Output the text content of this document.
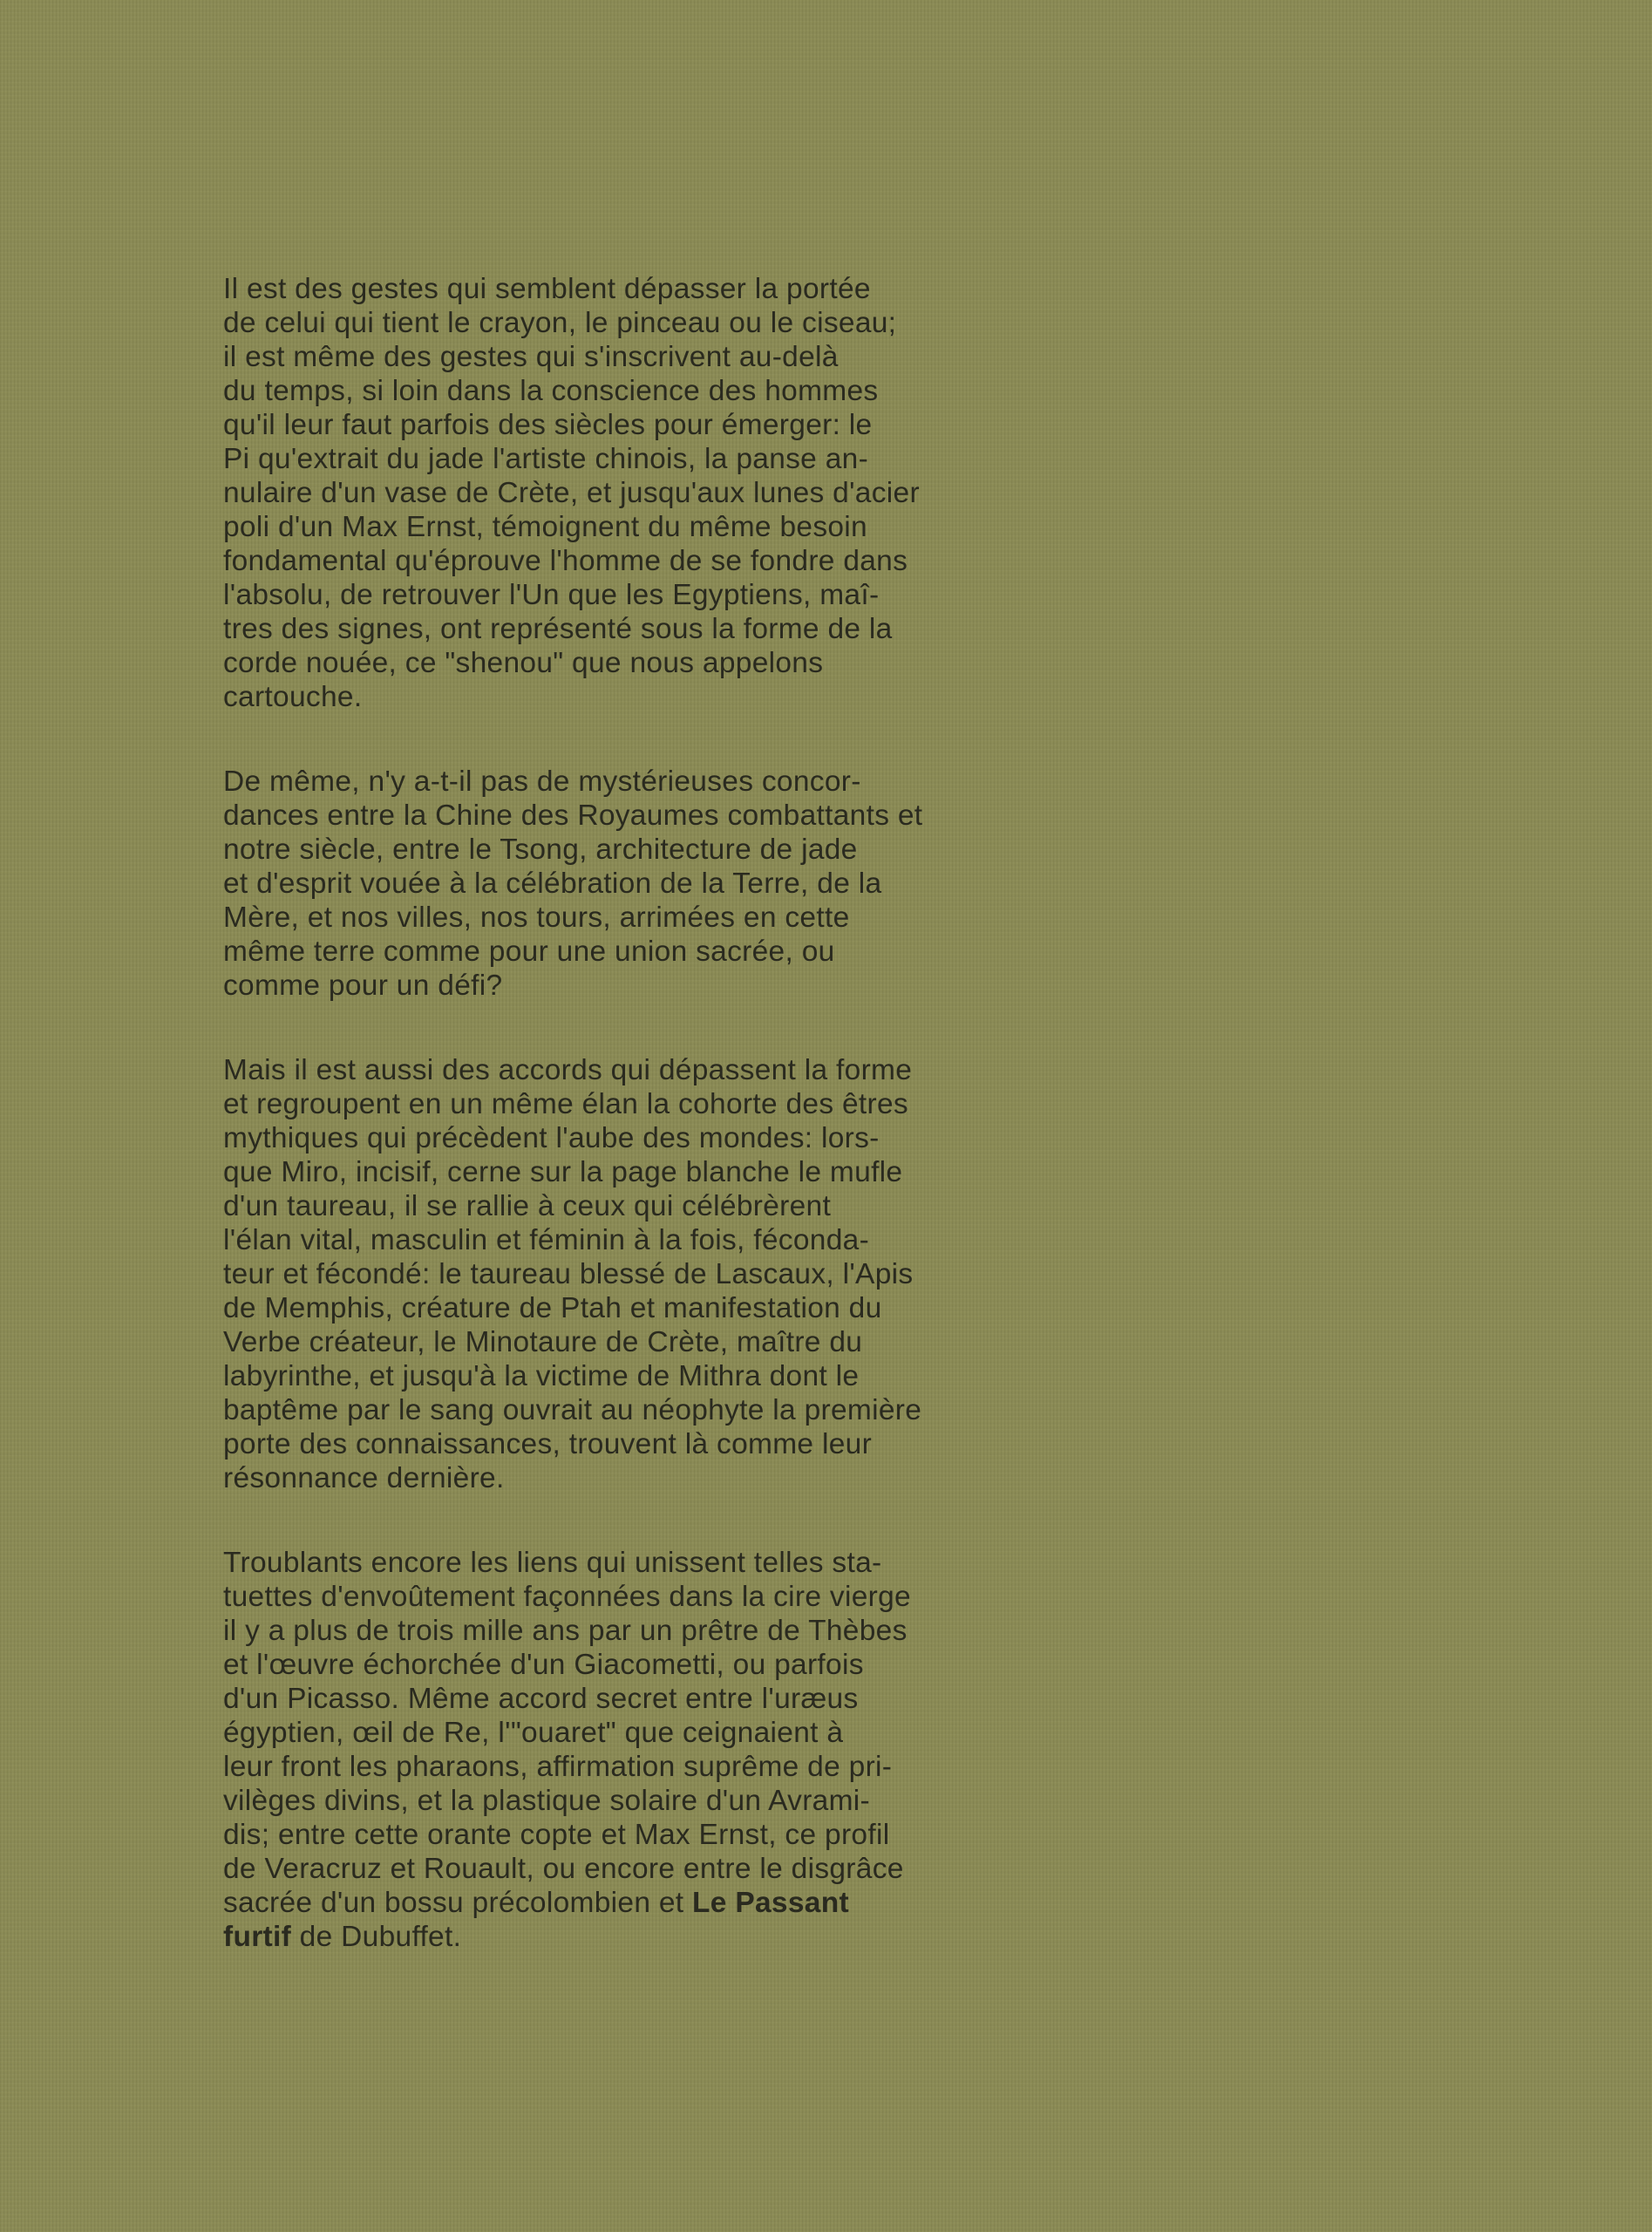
Il est des gestes qui semblent dépasser la portée
de celui qui tient le crayon, le pinceau ou le ciseau;
il est même des gestes qui s'inscrivent au-delà
du temps, si loin dans la conscience des hommes
qu'il leur faut parfois des siècles pour émerger: le
Pi qu'extrait du jade l'artiste chinois, la panse an-
nulaire d'un vase de Crète, et jusqu'aux lunes d'acier
poli d'un Max Ernst, témoignent du même besoin
fondamental qu'éprouve l'homme de se fondre dans
l'absolu, de retrouver l'Un que les Egyptiens, maî-
tres des signes, ont représenté sous la forme de la
corde nouée, ce "shenou" que nous appelons
cartouche.
De même, n'y a-t-il pas de mystérieuses concor-
dances entre la Chine des Royaumes combattants et
notre siècle, entre le Tsong, architecture de jade
et d'esprit vouée à la célébration de la Terre, de la
Mère, et nos villes, nos tours, arrimées en cette
même terre comme pour une union sacrée, ou
comme pour un défi?
Mais il est aussi des accords qui dépassent la forme
et regroupent en un même élan la cohorte des êtres
mythiques qui précèdent l'aube des mondes: lors-
que Miro, incisif, cerne sur la page blanche le mufle
d'un taureau, il se rallie à ceux qui célébrèrent
l'élan vital, masculin et féminin à la fois, féconda-
teur et fécondé: le taureau blessé de Lascaux, l'Apis
de Memphis, créature de Ptah et manifestation du
Verbe créateur, le Minotaure de Crète, maître du
labyrinthe, et jusqu'à la victime de Mithra dont le
baptême par le sang ouvrait au néophyte la première
porte des connaissances, trouvent là comme leur
résonnance dernière.
Troublants encore les liens qui unissent telles sta-
tuettes d'envoûtement façonnées dans la cire vierge
il y a plus de trois mille ans par un prêtre de Thèbes
et l'œuvre échorchée d'un Giacometti, ou parfois
d'un Picasso. Même accord secret entre l'uræus
égyptien, œil de Re, l'"ouaret" que ceignaient à
leur front les pharaons, affirmation suprême de pri-
vilèges divins, et la plastique solaire d'un Avrami-
dis; entre cette orante copte et Max Ernst, ce profil
de Veracruz et Rouault, ou encore entre le disgrâce
sacrée d'un bossu précolombien et Le Passant
furtif de Dubuffet.
